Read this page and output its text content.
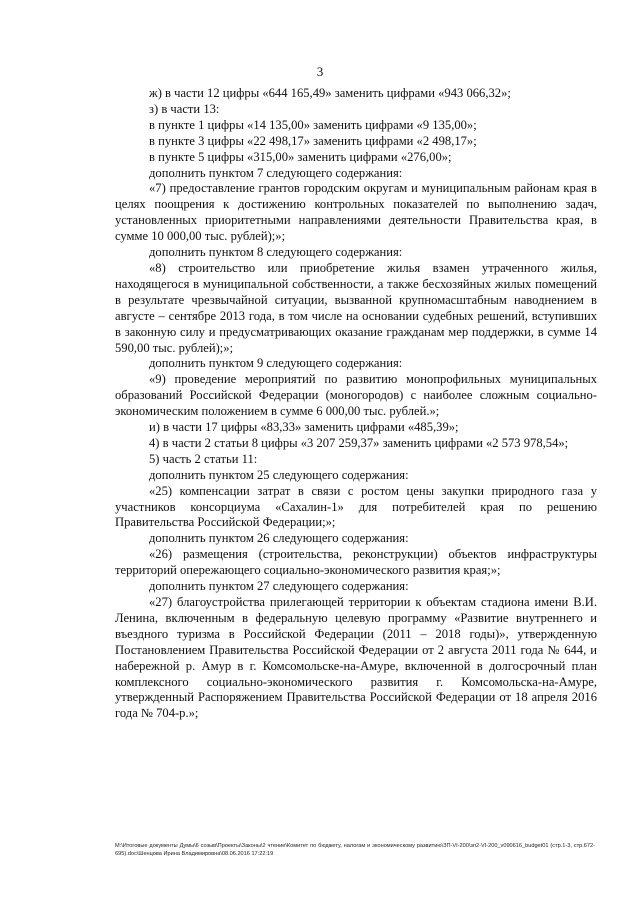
3

ж) в части 12 цифры «644 165,49» заменить цифрами «943 066,32»;

з) в части 13:

в пункте 1 цифры «14 135,00» заменить цифрами «9 135,00»;

в пункте 3 цифры «22 498,17» заменить цифрами «2 498,17»;

в пункте 5 цифры «315,00» заменить цифрами «276,00»;

дополнить пунктом 7 следующего содержания:

«7) предоставление грантов городским округам и муниципальным районам края в целях поощрения к достижению контрольных показателей по выполнению задач, установленных приоритетными направлениями деятельности Правительства края, в сумме 10 000,00 тыс. рублей);»;

дополнить пунктом 8 следующего содержания:

«8) строительство или приобретение жилья взамен утраченного жилья, находящегося в муниципальной собственности, а также бесхозяйных жилых помещений в результате чрезвычайной ситуации, вызванной крупномасштабным наводнением в августе – сентябре 2013 года, в том числе на основании судебных решений, вступивших в законную силу и предусматривающих оказание гражданам мер поддержки, в сумме 14 590,00 тыс. рублей);»;

дополнить пунктом 9 следующего содержания:

«9) проведение мероприятий по развитию монопрофильных муниципальных образований Российской Федерации (моногородов) с наиболее сложным социально-экономическим положением в сумме 6 000,00 тыс. рублей.»;

и) в части 17 цифры «83,33» заменить цифрами «485,39»;

4) в части 2 статьи 8 цифры «3 207 259,37» заменить цифрами «2 573 978,54»;

5) часть 2 статьи 11:

дополнить пунктом 25 следующего содержания:

«25) компенсации затрат в связи с ростом цены закупки природного газа у участников консорциума «Сахалин-1» для потребителей края по решению Правительства Российской Федерации;»;

дополнить пунктом 26 следующего содержания:

«26) размещения (строительства, реконструкции) объектов инфраструктуры территорий опережающего социально-экономического развития края;»;

дополнить пунктом 27 следующего содержания:

«27) благоустройства прилегающей территории к объектам стадиона имени В.И. Ленина, включенным в федеральную целевую программу «Развитие внутреннего и въездного туризма в Российской Федерации (2011 – 2018 годы)», утвержденную Постановлением Правительства Российской Федерации от 2 августа 2011 года № 644, и набережной р. Амур в г. Комсомольске-на-Амуре, включенной в долгосрочный план комплексного социально-экономического развития г. Комсомольска-на-Амуре, утвержденный Распоряжением Правительства Российской Федерации от 18 апреля 2016 года № 704-р.»;

M:\Итоговые документы Думы\6 созыв\Проекты\Законы\2 чтение\Комитет по бюджету, налогам и экономическому развитию\ЗП-VI-200\зп2-VI-200_v090616_budget01 (стр.1-3, стр.672-695).doc\Шенцова Ирина Владимировна\08.06.2016 17:22:19
